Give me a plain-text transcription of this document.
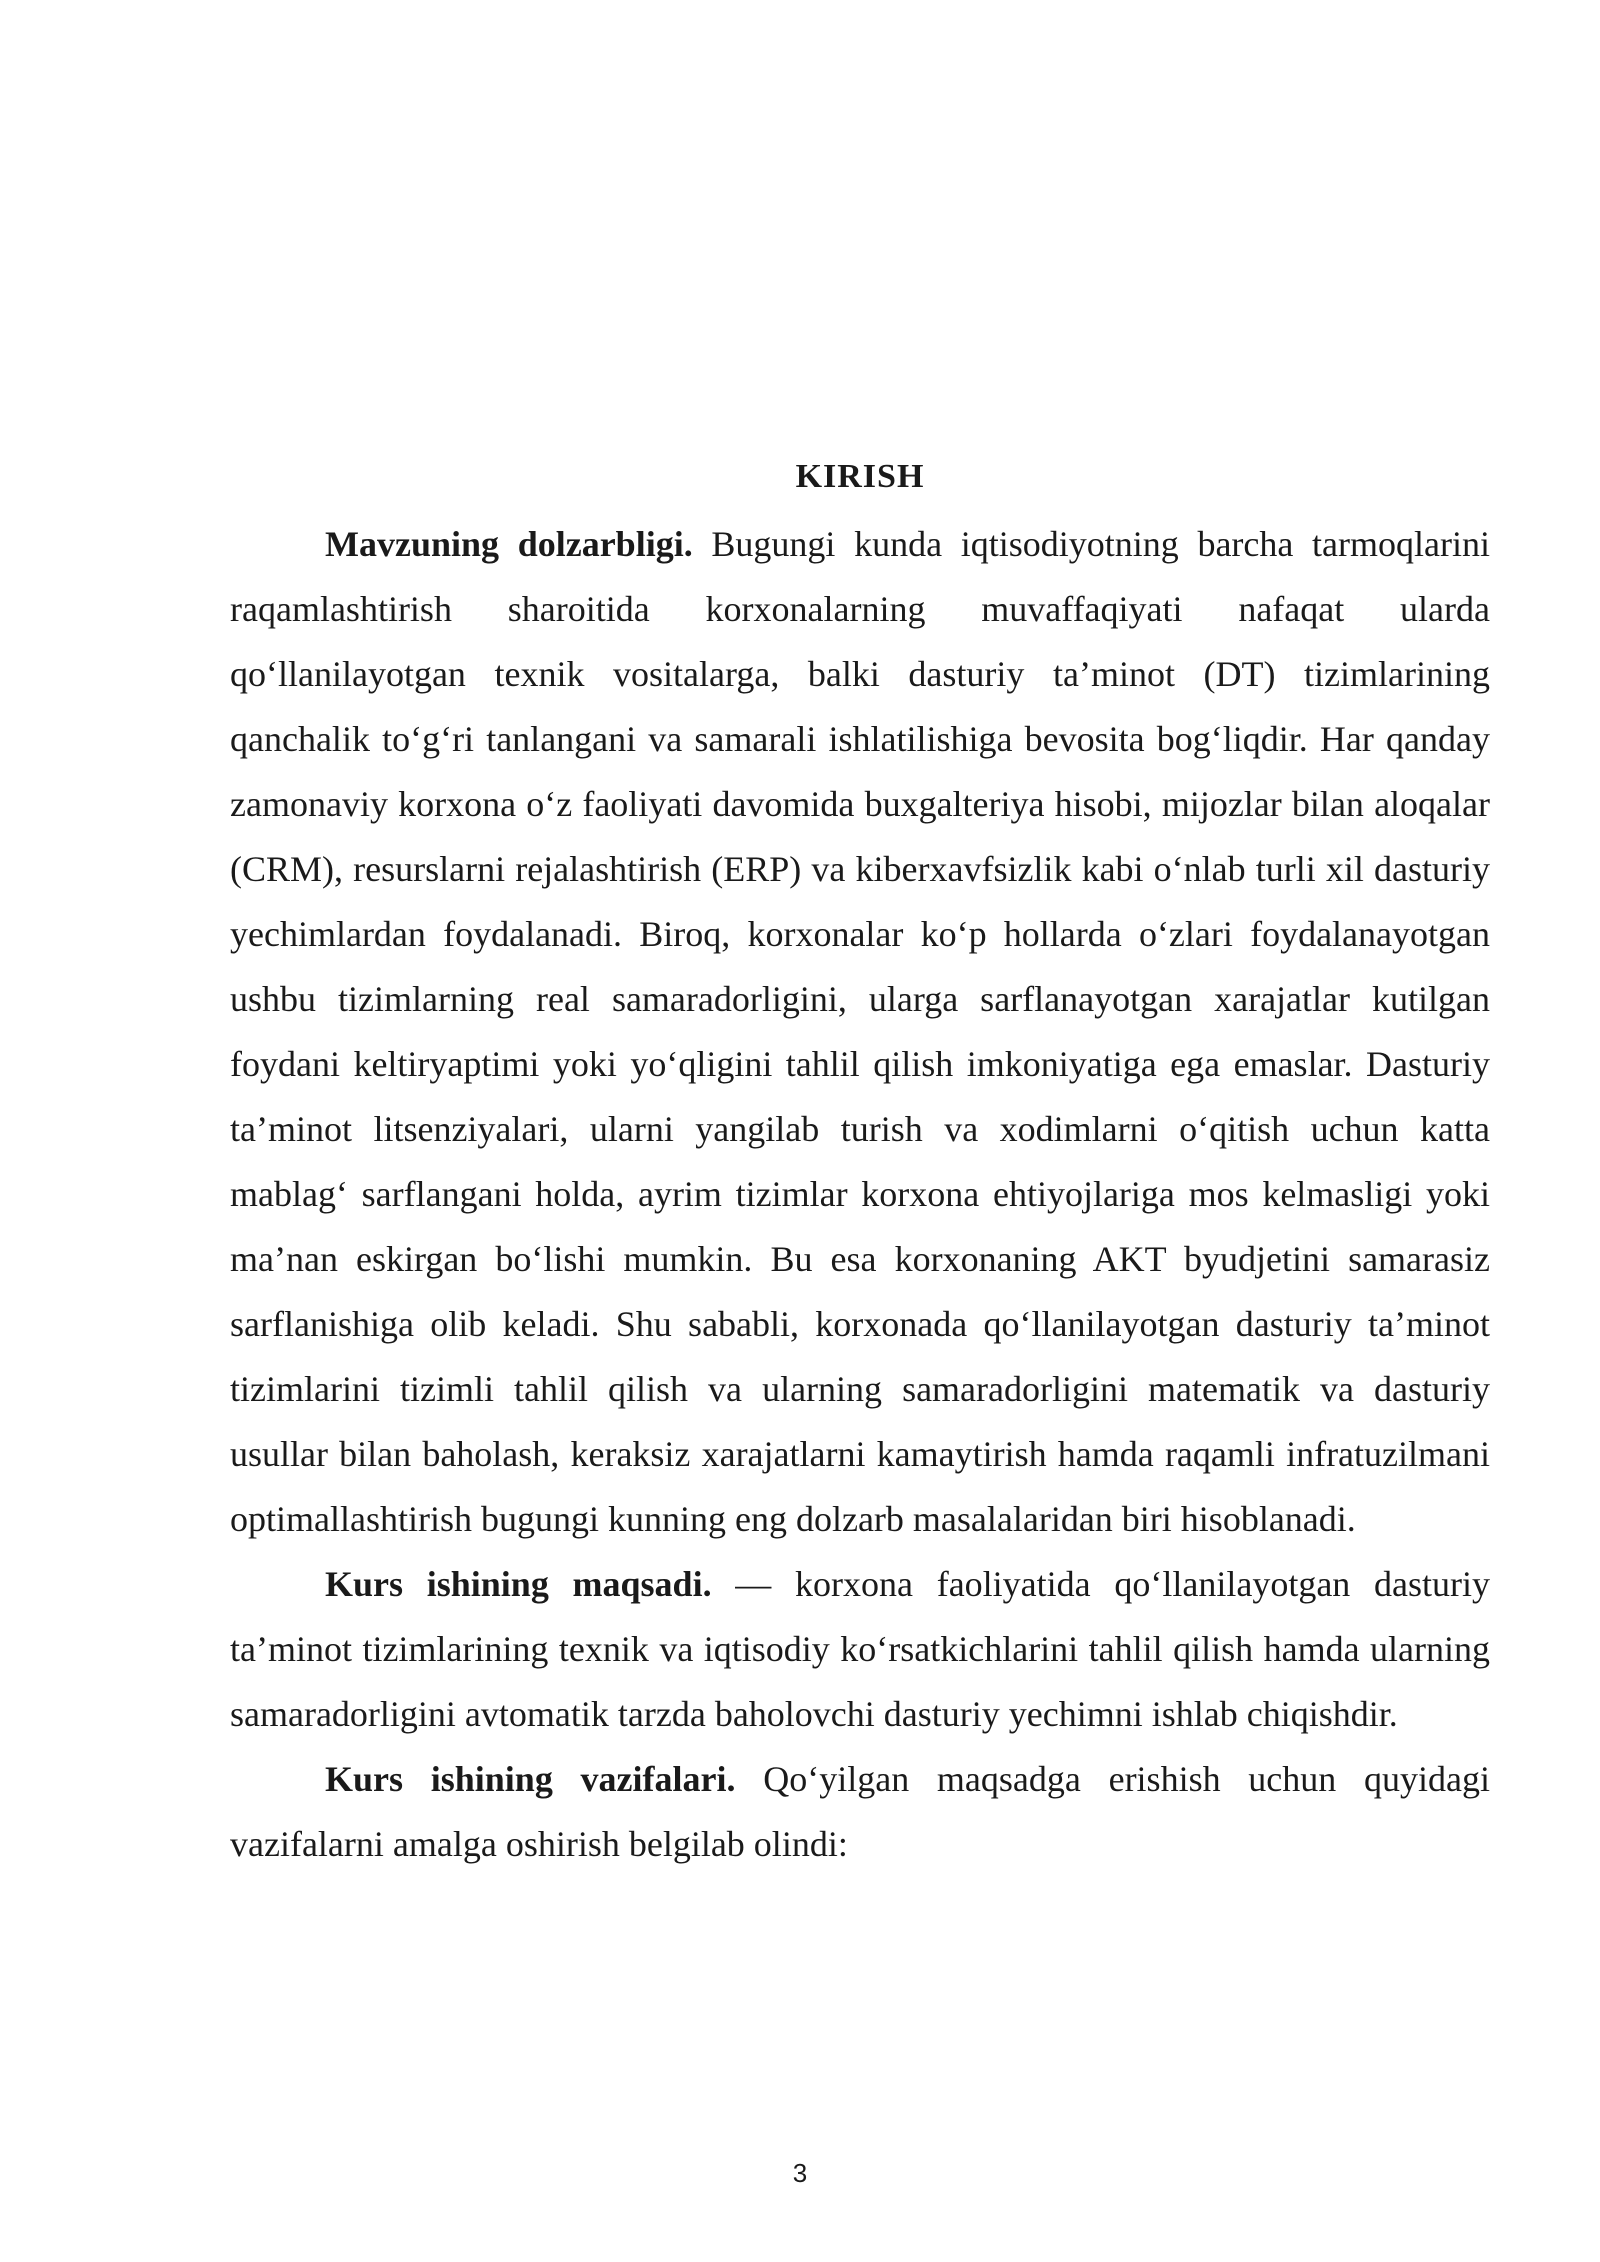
KIRISH

Mavzuning dolzarbligi. Bugungi kunda iqtisodiyotning barcha tarmoqlarini raqamlashtirish sharoitida korxonalarning muvaffaqiyati nafaqat ularda qo‘llanilayotgan texnik vositalarga, balki dasturiy ta’minot (DT) tizimlarining qanchalik to‘g‘ri tanlangani va samarali ishlatilishiga bevosita bog‘liqdir. Har qanday zamonaviy korxona o‘z faoliyati davomida buxgalteriya hisobi, mijozlar bilan aloqalar (CRM), resurslarni rejalashtirish (ERP) va kiberxavfsizlik kabi o‘nlab turli xil dasturiy yechimlardan foydalanadi. Biroq, korxonalar ko‘p hollarda o‘zlari foydalanayotgan ushbu tizimlarning real samaradorligini, ularga sarflanayotgan xarajatlar kutilgan foydani keltiryaptimi yoki yo‘qligini tahlil qilish imkoniyatiga ega emaslar. Dasturiy ta’minot litsenziyalari, ularni yangilab turish va xodimlarni o‘qitish uchun katta mablag‘ sarflangani holda, ayrim tizimlar korxona ehtiyojlariga mos kelmasligi yoki ma’nan eskirgan bo‘lishi mumkin. Bu esa korxonaning AKT byudjetini samarasiz sarflanishiga olib keladi. Shu sababli, korxonada qo‘llanilayotgan dasturiy ta’minot tizimlarini tizimli tahlil qilish va ularning samaradorligini matematik va dasturiy usullar bilan baholash, keraksiz xarajatlarni kamaytirish hamda raqamli infratuzilmani optimallashtirish bugungi kunning eng dolzarb masalalaridan biri hisoblanadi.

Kurs ishining maqsadi. — korxona faoliyatida qo‘llanilayotgan dasturiy ta’minot tizimlarining texnik va iqtisodiy ko‘rsatkichlarini tahlil qilish hamda ularning samaradorligini avtomatik tarzda baholovchi dasturiy yechimni ishlab chiqishdir.

Kurs ishining vazifalari. Qo‘yilgan maqsadga erishish uchun quyidagi vazifalarni amalga oshirish belgilab olindi:

3
